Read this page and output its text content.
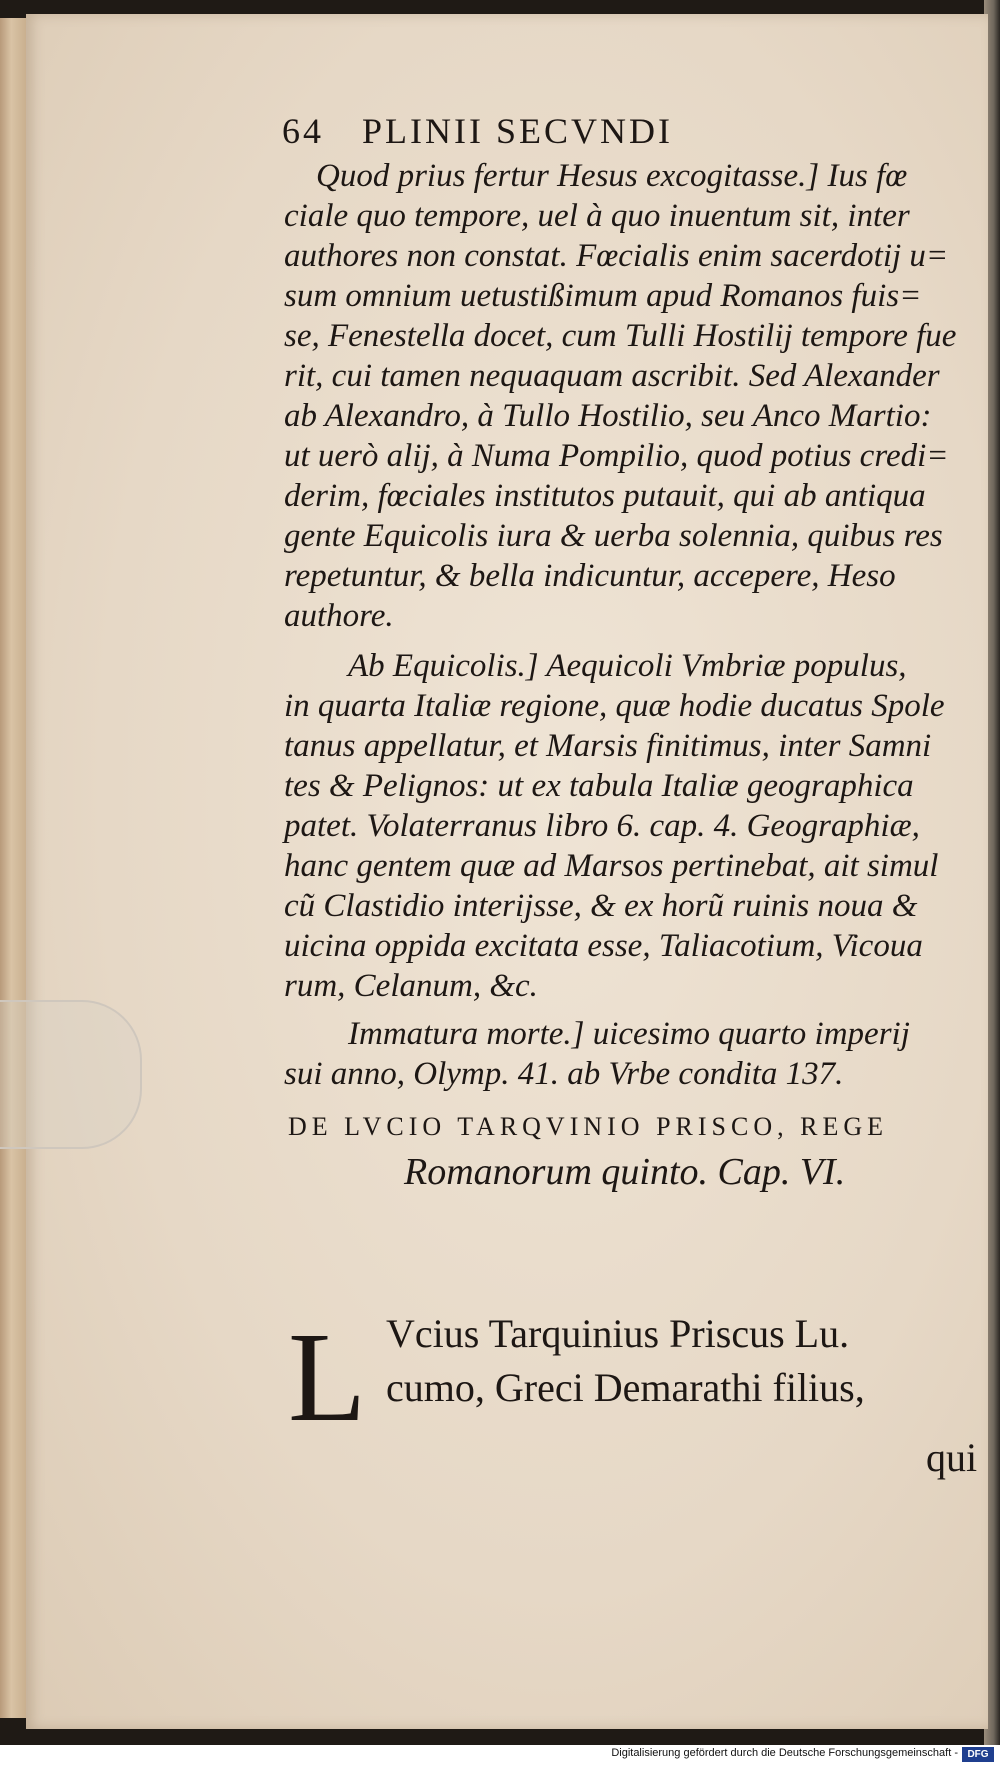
64 PLINII SECVNDI
Quod prius fertur Hesus excogitasse.] Ius fœ
ciale quo tempore, uel à quo inuentum sit, inter
authores non constat. Fœcialis enim sacerdotij u=
sum omnium uetustißimum apud Romanos fuis=
se, Fenestella docet, cum Tulli Hostilij tempore fue
rit, cui tamen nequaquam ascribit. Sed Alexander
ab Alexandro, à Tullo Hostilio, seu Anco Martio:
ut uerò alij, à Numa Pompilio, quod potius credi=
derim, fœciales institutos putauit, qui ab antiqua
gente Equicolis iura & uerba solennia, quibus res
repetuntur, & bella indicuntur, accepere, Heso
authore.
Ab Equicolis.] Aequicoli Vmbriæ populus,
in quarta Italiæ regione, quæ hodie ducatus Spole
tanus appellatur, et Marsis finitimus, inter Samni
tes & Pelignos: ut ex tabula Italiæ geographica
patet. Volaterranus libro 6. cap. 4. Geographiæ,
hanc gentem quæ ad Marsos pertinebat, ait simul
cũ Clastidio interijsse, & ex horũ ruinis noua &
uicina oppida excitata esse, Taliacotium, Vicoua
rum, Celanum, &c.
Immatura morte.] uicesimo quarto imperij
sui anno, Olymp. 41. ab Vrbe condita 137.
DE LVCIO TARQVINIO PRISCO, REGE
Romanorum quinto. Cap. VI.
L Vcius Tarquinius Priscus Lu.
cumo, Greci Demarathi filius,
qui
Digitalisierung gefördert durch die Deutsche Forschungsgemeinschaft - DFG
